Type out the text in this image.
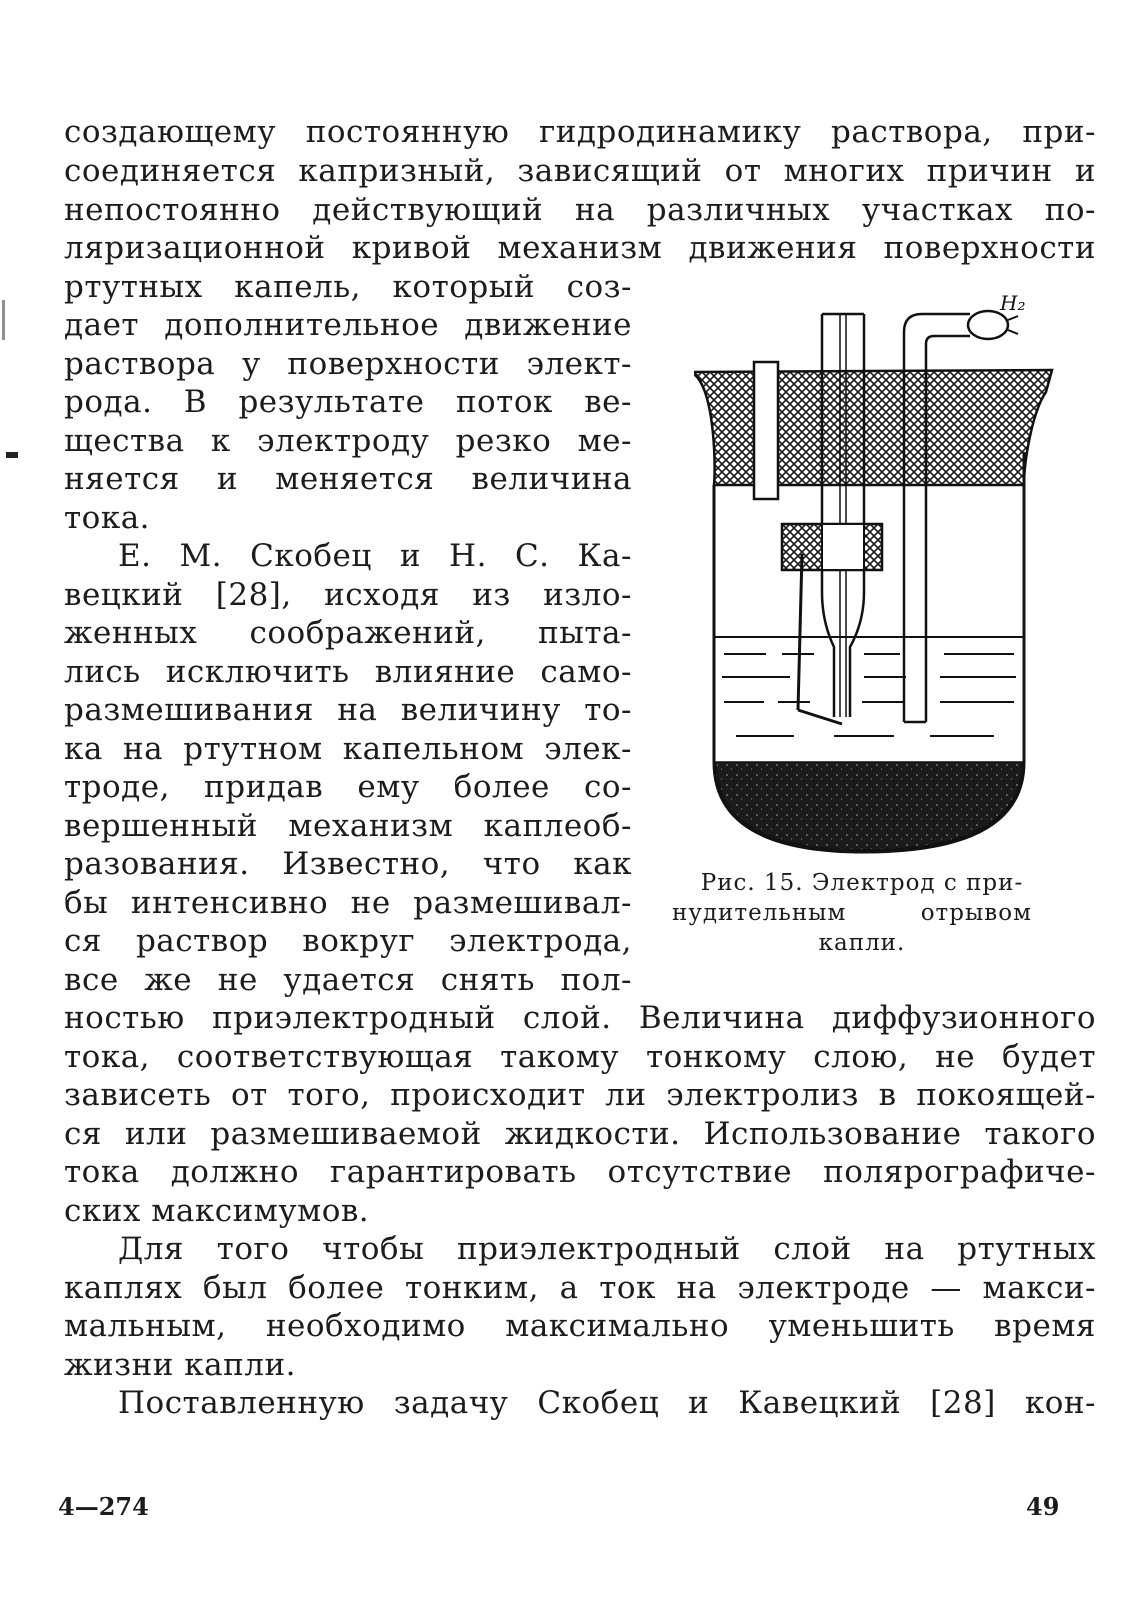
создающему постоянную гидродинамику раствора, при-
соединяется капризный, зависящий от многих причин и
непостоянно действующий на различных участках по-
ляризационной кривой механизм движения поверхности
ртутных капель, который соз-
дает дополнительное движение
раствора у поверхности элект-
рода. В результате поток ве-
щества к электроду резко ме-
няется и меняется величина
тока.
Е. М. Скобец и Н. С. Ка-
вецкий [28], исходя из изло-
женных соображений, пыта-
лись исключить влияние само-
размешивания на величину то-
ка на ртутном капельном элек-
троде, придав ему более со-
вершенный механизм каплеоб-
разования. Известно, что как
бы интенсивно не размешивал-
ся раствор вокруг электрода,
все же не удается снять пол-
ностью приэлектродный слой. Величина диффузионного
тока, соответствующая такому тонкому слою, не будет
зависеть от того, происходит ли электролиз в покоящей-
ся или размешиваемой жидкости. Использование такого
тока должно гарантировать отсутствие полярографиче-
ских максимумов.
Для того чтобы приэлектродный слой на ртутных
каплях был более тонким, а ток на электроде — макси-
мальным, необходимо максимально уменьшить время
жизни капли.
Поставленную задачу Скобец и Кавецкий [28] кон-
H₂
Рис. 15. Электрод с при-
нудительным отрывом
капли.
4—274	49
